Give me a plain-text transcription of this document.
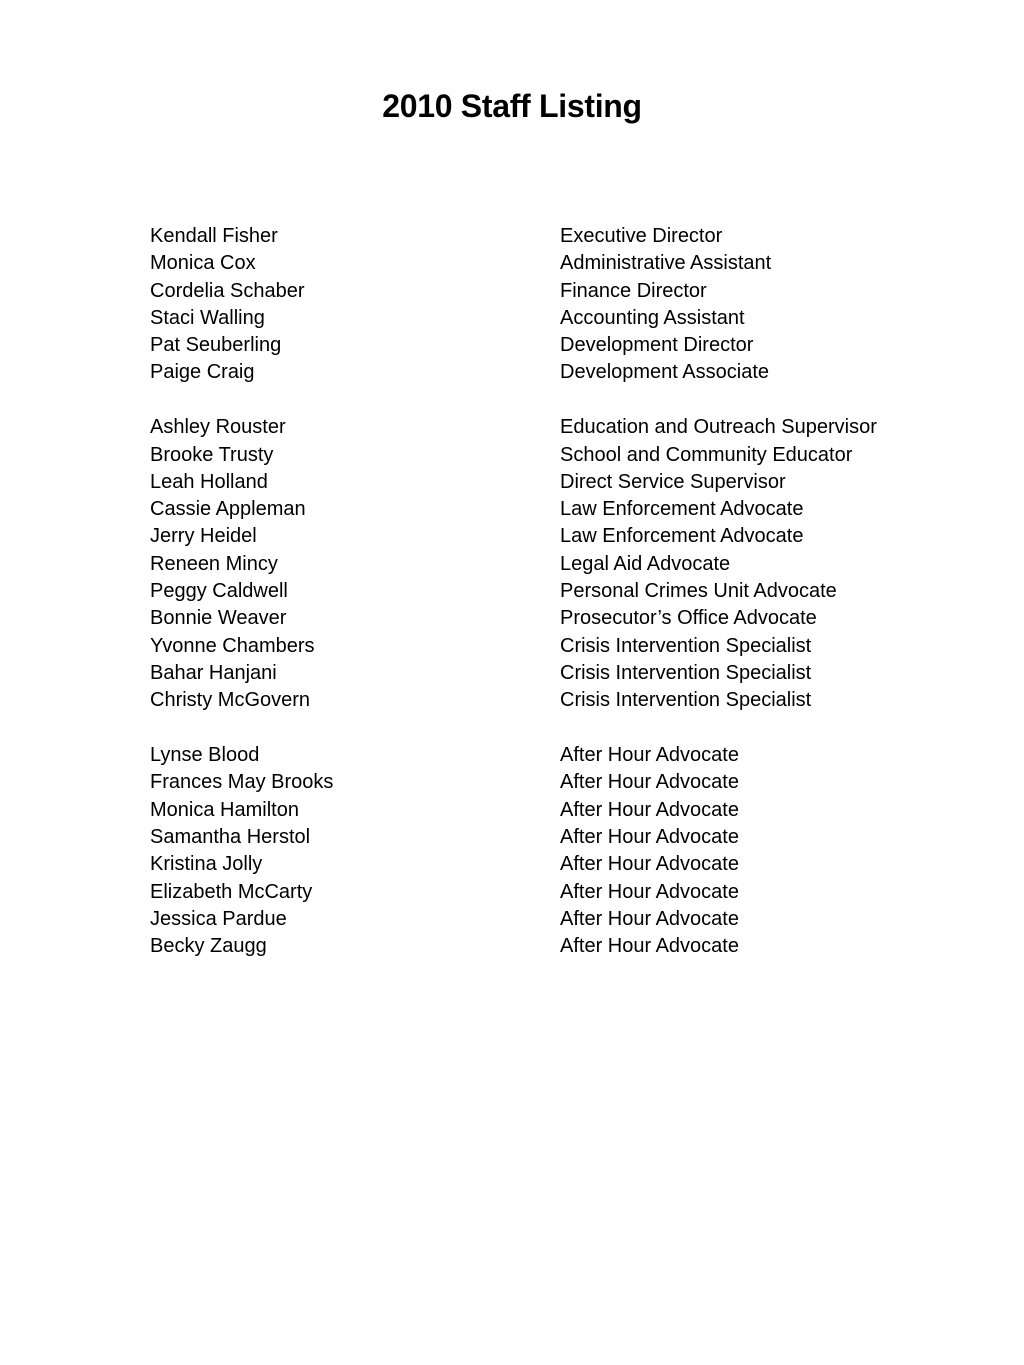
2010 Staff Listing
Kendall Fisher	Executive Director
Monica Cox	Administrative Assistant
Cordelia Schaber	Finance Director
Staci Walling	Accounting Assistant
Pat Seuberling	Development Director
Paige Craig	Development Associate
Ashley Rouster	Education and Outreach Supervisor
Brooke Trusty	School and Community Educator
Leah Holland	Direct Service Supervisor
Cassie Appleman	Law Enforcement Advocate
Jerry Heidel	Law Enforcement Advocate
Reneen Mincy	Legal Aid Advocate
Peggy Caldwell	Personal Crimes Unit Advocate
Bonnie Weaver	Prosecutor’s Office Advocate
Yvonne Chambers	Crisis Intervention Specialist
Bahar Hanjani	Crisis Intervention Specialist
Christy McGovern	Crisis Intervention Specialist
Lynse Blood	After Hour Advocate
Frances May Brooks	After Hour Advocate
Monica Hamilton	After Hour Advocate
Samantha Herstol	After Hour Advocate
Kristina Jolly	After Hour Advocate
Elizabeth McCarty	After Hour Advocate
Jessica Pardue	After Hour Advocate
Becky Zaugg	After Hour Advocate
